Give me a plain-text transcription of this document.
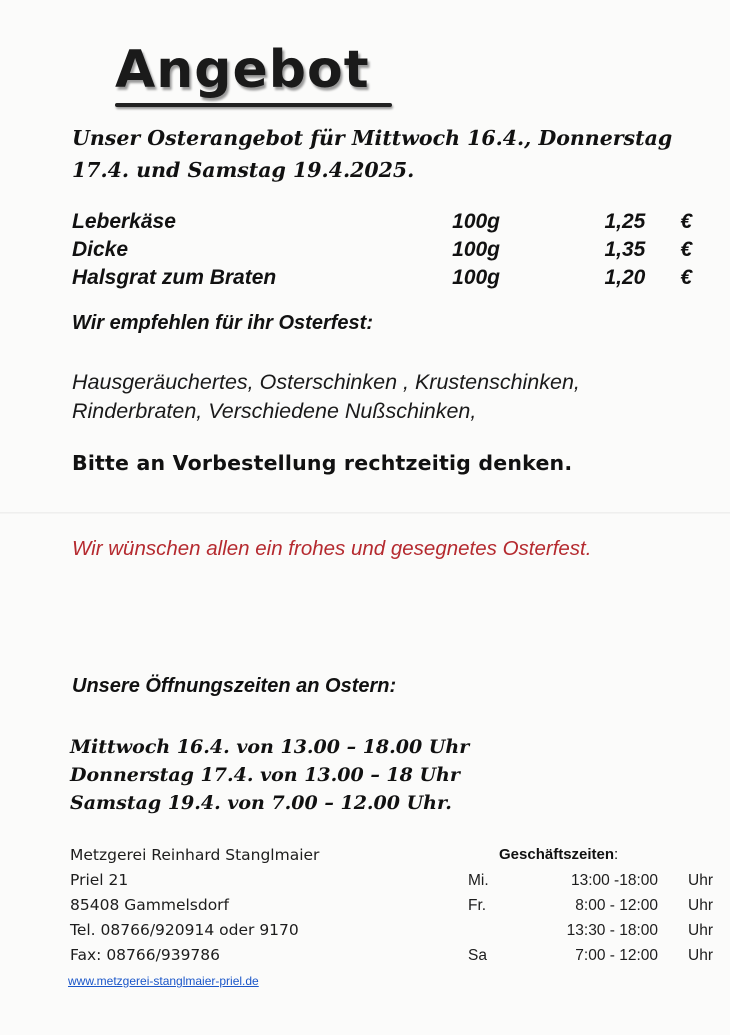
Angebot

Unser Osterangebot für Mittwoch 16.4., Donnerstag 17.4. und Samstag 19.4.2025.

Leberkäse	100g	1,25	€
Dicke	100g	1,35	€
Halsgrat zum Braten	100g	1,20	€

Wir empfehlen für ihr Osterfest:

Hausgeräuchertes, Osterschinken , Krustenschinken, Rinderbraten, Verschiedene Nußschinken,

Bitte an Vorbestellung rechtzeitig denken.

Wir wünschen allen ein frohes und gesegnetes Osterfest.

Unsere Öffnungszeiten an Ostern:

Mittwoch 16.4. von 13.00 – 18.00 Uhr
Donnerstag 17.4. von 13.00 – 18 Uhr
Samstag 19.4. von 7.00 – 12.00 Uhr.
Metzgerei Reinhard Stanglmaier
Priel 21
85408 Gammelsdorf
Tel. 08766/920914 oder 9170
Fax: 08766/939786
www.metzgerei-stanglmaier-priel.de
Geschäftszeiten:
Mi.	13:00 -18:00	Uhr
Fr.	8:00 - 12:00	Uhr
	13:30 - 18:00	Uhr
Sa	7:00 - 12:00	Uhr
